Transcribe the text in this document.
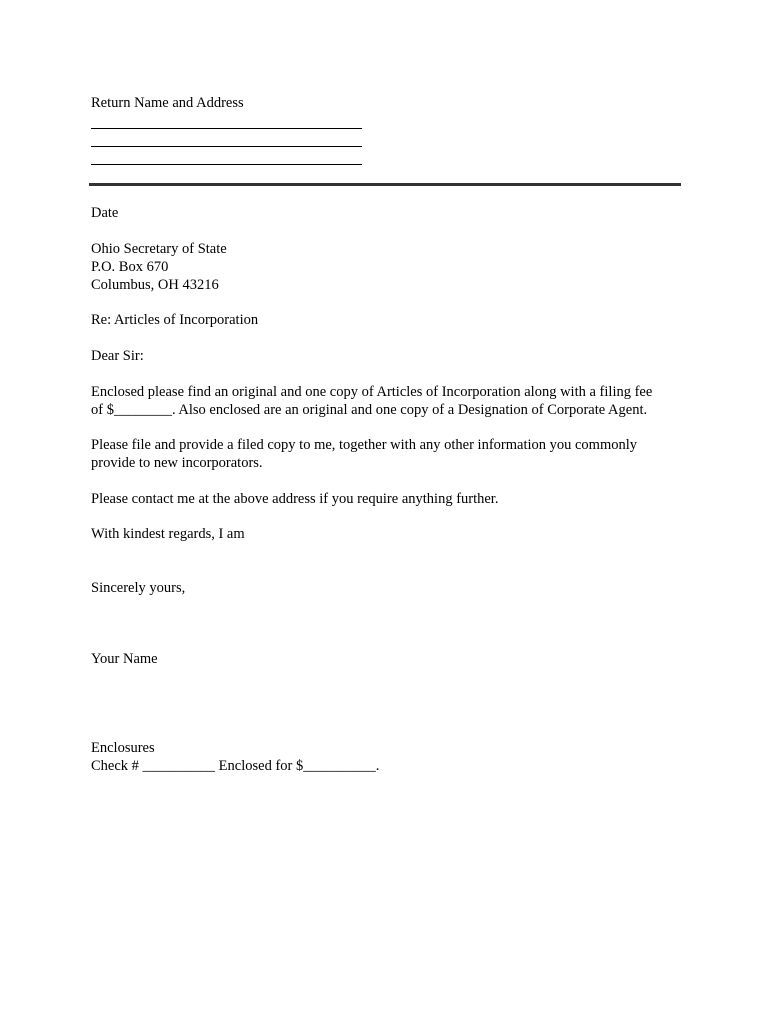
Return Name and Address

Date

Ohio Secretary of State

P.O. Box 670

Columbus, OH 43216

Re: Articles of Incorporation

Dear Sir:

Enclosed please find an original and one copy of Articles of Incorporation along with a filing fee

of $________. Also enclosed are an original and one copy of a Designation of Corporate Agent.

Please file and provide a filed copy to me, together with any other information you commonly

provide to new incorporators.

Please contact me at the above address if you require anything further.

With kindest regards, I am

Sincerely yours,

Your Name

Enclosures

Check # __________ Enclosed for $__________.
